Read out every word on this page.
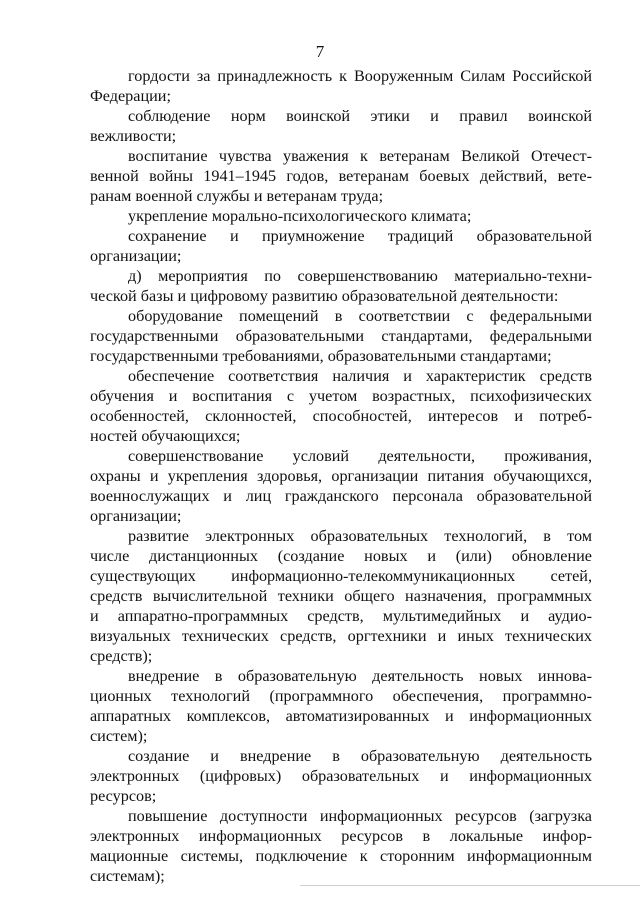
7
гордости за принадлежность к Вооруженным Силам Российской
Федерации;
соблюдение норм воинской этики и правил воинской
вежливости;
воспитание чувства уважения к ветеранам Великой Отечест-
венной войны 1941–1945 годов, ветеранам боевых действий, вете-
ранам военной службы и ветеранам труда;
укрепление морально-психологического климата;
сохранение и приумножение традиций образовательной
организации;
д) мероприятия по совершенствованию материально-техни-
ческой базы и цифровому развитию образовательной деятельности:
оборудование помещений в соответствии с федеральными
государственными образовательными стандартами, федеральными
государственными требованиями, образовательными стандартами;
обеспечение соответствия наличия и характеристик средств
обучения и воспитания с учетом возрастных, психофизических
особенностей, склонностей, способностей, интересов и потреб-
ностей обучающихся;
совершенствование условий деятельности, проживания,
охраны и укрепления здоровья, организации питания обучающихся,
военнослужащих и лиц гражданского персонала образовательной
организации;
развитие электронных образовательных технологий, в том
числе дистанционных (создание новых и (или) обновление
существующих информационно-телекоммуникационных сетей,
средств вычислительной техники общего назначения, программных
и аппаратно-программных средств, мультимедийных и аудио-
визуальных технических средств, оргтехники и иных технических
средств);
внедрение в образовательную деятельность новых иннова-
ционных технологий (программного обеспечения, программно-
аппаратных комплексов, автоматизированных и информационных
систем);
создание и внедрение в образовательную деятельность
электронных (цифровых) образовательных и информационных
ресурсов;
повышение доступности информационных ресурсов (загрузка
электронных информационных ресурсов в локальные инфор-
мационные системы, подключение к сторонним информационным
системам);
